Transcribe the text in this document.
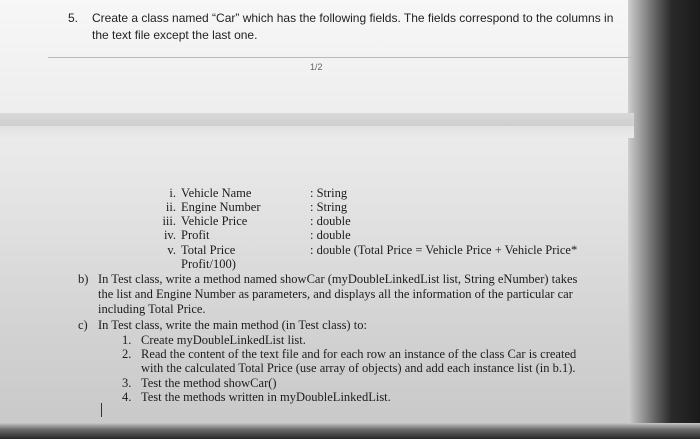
5. Create a class named “Car” which has the following fields. The fields correspond to the columns in the text file except the last one.
1/2
i. Vehicle Name	: String
ii. Engine Number	: String
iii. Vehicle Price	: double
iv. Profit	: double
v. Total Price	: double (Total Price = Vehicle Price + Vehicle Price*
Profit/100)
b) In Test class, write a method named showCar (myDoubleLinkedList list, String eNumber) takes
the list and Engine Number as parameters, and displays all the information of the particular car
including Total Price.
c) In Test class, write the main method (in Test class) to:
1. Create myDoubleLinkedList list.
2. Read the content of the text file and for each row an instance of the class Car is created
with the calculated Total Price (use array of objects) and add each instance list (in b.1).
3. Test the method showCar()
4. Test the methods written in myDoubleLinkedList.
